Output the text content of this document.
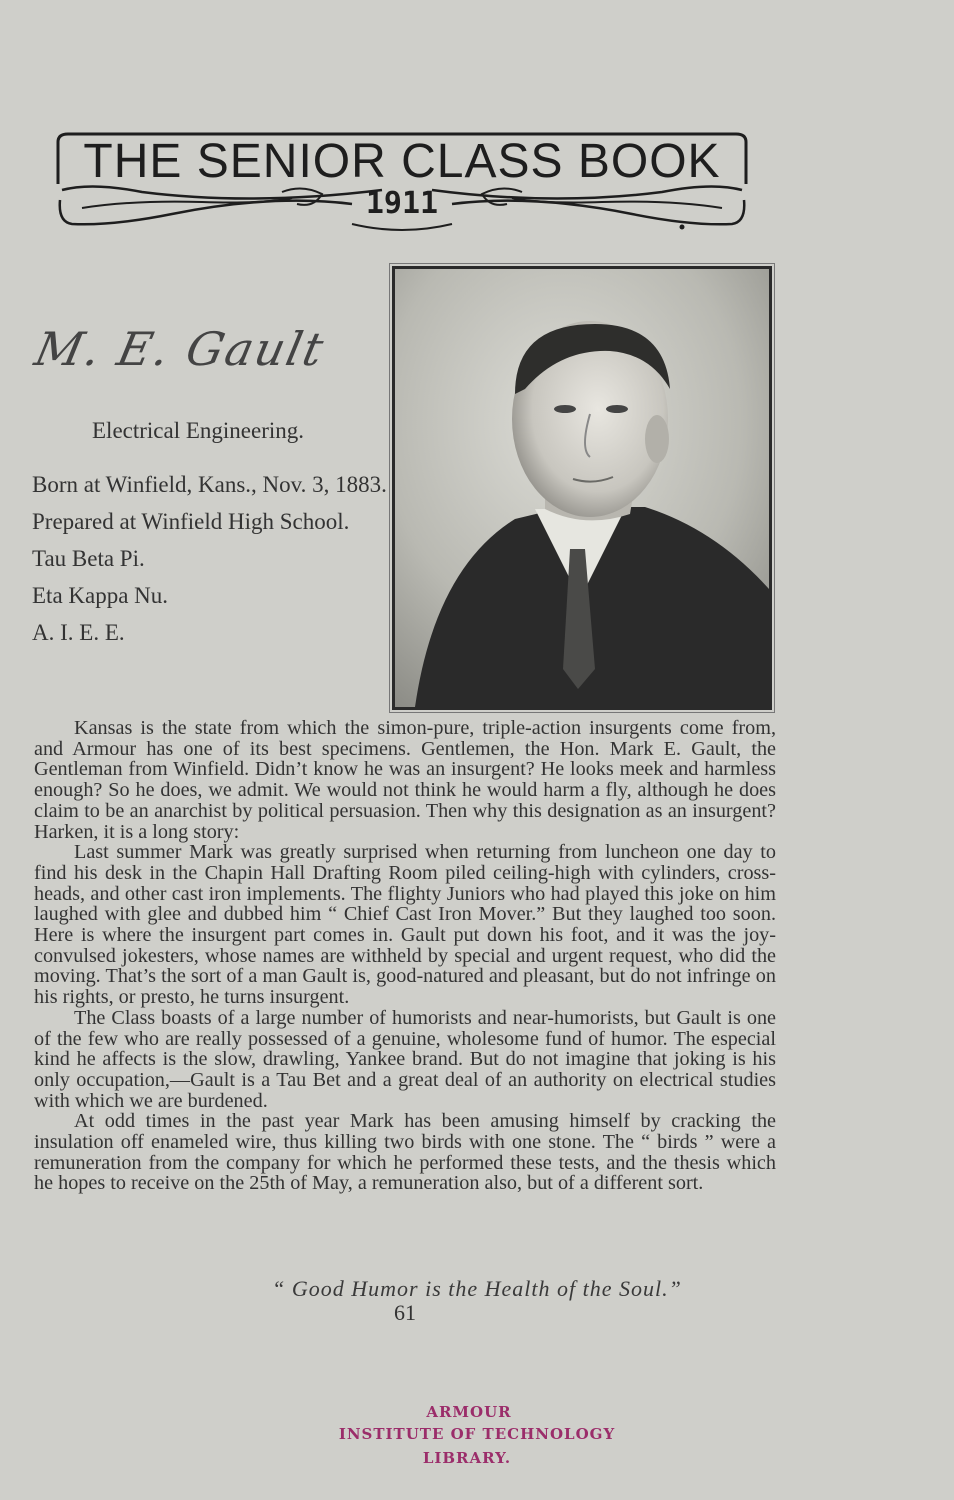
THE SENIOR CLASS BOOK
1911
M. E. Gault
Electrical Engineering.
Born at Winfield, Kans., Nov. 3, 1883.
Prepared at Winfield High School.
Tau Beta Pi.
Eta Kappa Nu.
A. I. E. E.

Kansas is the state from which the simon-pure, triple-action insurgents come from, and Armour has one of its best specimens. Gentlemen, the Hon. Mark E. Gault, the Gentleman from Winfield. Didn’t know he was an insurgent? He looks meek and harmless enough? So he does, we admit. We would not think he would harm a fly, although he does claim to be an anarchist by political persuasion. Then why this designation as an insurgent? Harken, it is a long story:

Last summer Mark was greatly surprised when returning from luncheon one day to find his desk in the Chapin Hall Drafting Room piled ceiling-high with cylinders, cross-heads, and other cast iron implements. The flighty Juniors who had played this joke on him laughed with glee and dubbed him “ Chief Cast Iron Mover.” But they laughed too soon. Here is where the insurgent part comes in. Gault put down his foot, and it was the joy-convulsed jokesters, whose names are withheld by special and urgent request, who did the moving. That’s the sort of a man Gault is, good-natured and pleasant, but do not infringe on his rights, or presto, he turns insurgent.

The Class boasts of a large number of humorists and near-humorists, but Gault is one of the few who are really possessed of a genuine, wholesome fund of humor. The especial kind he affects is the slow, drawling, Yankee brand. But do not imagine that joking is his only occupation,—Gault is a Tau Bet and a great deal of an authority on electrical studies with which we are burdened.

At odd times in the past year Mark has been amusing himself by cracking the insulation off enameled wire, thus killing two birds with one stone. The “ birds ” were a remuneration from the company for which he performed these tests, and the thesis which he hopes to receive on the 25th of May, a remuneration also, but of a different sort.

“ Good Humor is the Health of the Soul.”
61
ARMOUR
INSTITUTE OF TECHNOLOGY
LIBRARY.
